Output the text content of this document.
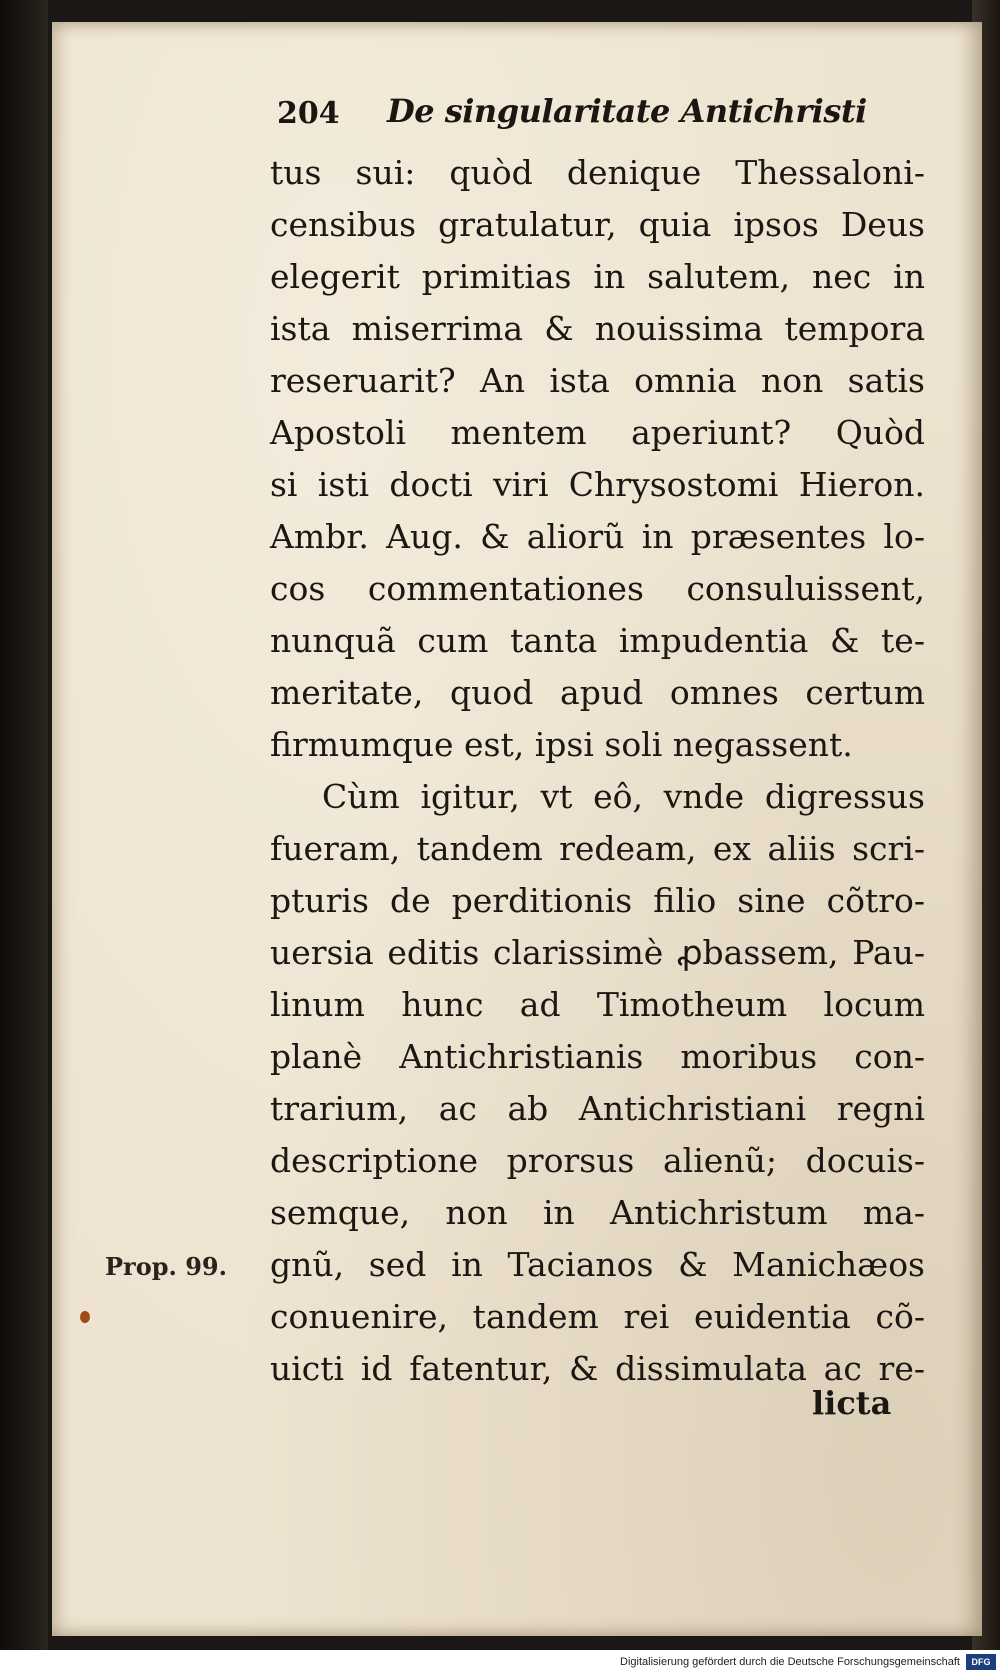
204 De singularitate Antichristi
tus sui: quòd denique Thessaloni-
censibus gratulatur, quia ipsos Deus
elegerit primitias in salutem, nec in
ista miserrima & nouissima tempora
reseruarit? An ista omnia non satis
Apostoli mentem aperiunt? Quòd
si isti docti viri Chrysostomi Hieron.
Ambr. Aug. & aliorũ in præsentes lo-
cos commentationes consuluissent,
nunquã cum tanta impudentia & te-
meritate, quod apud omnes certum
firmumque est, ipsi soli negassent.
Cùm igitur, vt eô, vnde digressus
fueram, tandem redeam, ex aliis scri-
pturis de perditionis filio sine cõtro-
uersia editis clarissimè ꝓbassem, Pau-
linum hunc ad Timotheum locum
planè Antichristianis moribus con-
trarium, ac ab Antichristiani regni
descriptione prorsus alienũ; docuis-
semque, non in Antichristum ma-
gnũ, sed in Tacianos & Manichæos
conuenire, tandem rei euidentia cõ-
uicti id fatentur, & dissimulata ac re-
licta
Prop. 99.
Digitalisierung gefördert durch die Deutsche Forschungsgemeinschaft	DFG
